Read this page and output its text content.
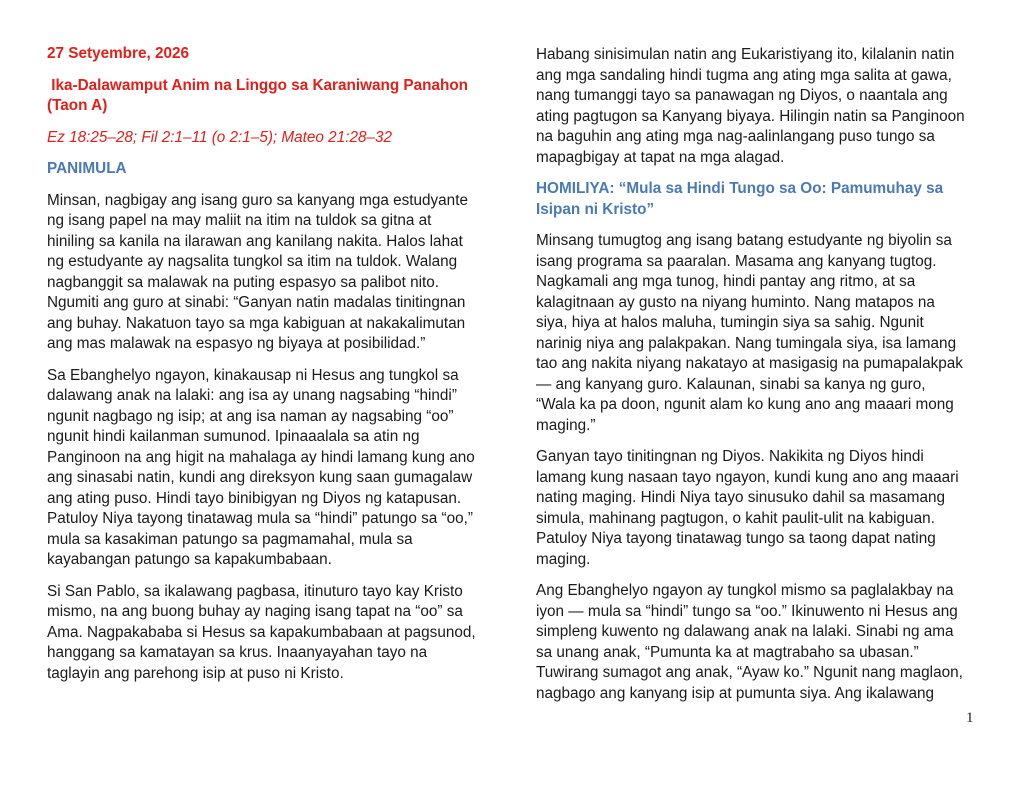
27 Setyembre, 2026

Ika-Dalawamput Anim na Linggo sa Karaniwang Panahon (Taon A)

Ez 18:25–28; Fil 2:1–11 (o 2:1–5); Mateo 21:28–32

PANIMULA

Minsan, nagbigay ang isang guro sa kanyang mga estudyante ng isang papel na may maliit na itim na tuldok sa gitna at hiniling sa kanila na ilarawan ang kanilang nakita. Halos lahat ng estudyante ay nagsalita tungkol sa itim na tuldok. Walang nagbanggit sa malawak na puting espasyo sa palibot nito. Ngumiti ang guro at sinabi: “Ganyan natin madalas tinitingnan ang buhay. Nakatuon tayo sa mga kabiguan at nakakalimutan ang mas malawak na espasyo ng biyaya at posibilidad.”

Sa Ebanghelyo ngayon, kinakausap ni Hesus ang tungkol sa dalawang anak na lalaki: ang isa ay unang nagsabing “hindi” ngunit nagbago ng isip; at ang isa naman ay nagsabing “oo” ngunit hindi kailanman sumunod. Ipinaaalala sa atin ng Panginoon na ang higit na mahalaga ay hindi lamang kung ano ang sinasabi natin, kundi ang direksyon kung saan gumagalaw ang ating puso. Hindi tayo binibigyan ng Diyos ng katapusan. Patuloy Niya tayong tinatawag mula sa “hindi” patungo sa “oo,” mula sa kasakiman patungo sa pagmamahal, mula sa kayabangan patungo sa kapakumbabaan.

Si San Pablo, sa ikalawang pagbasa, itinuturo tayo kay Kristo mismo, na ang buong buhay ay naging isang tapat na “oo” sa Ama. Nagpakababa si Hesus sa kapakumbabaan at pagsunod, hanggang sa kamatayan sa krus. Inaanyayahan tayo na taglayin ang parehong isip at puso ni Kristo.

Habang sinisimulan natin ang Eukaristiyang ito, kilalanin natin ang mga sandaling hindi tugma ang ating mga salita at gawa, nang tumanggi tayo sa panawagan ng Diyos, o naantala ang ating pagtugon sa Kanyang biyaya. Hilingin natin sa Panginoon na baguhin ang ating mga nag-aalinlangang puso tungo sa mapagbigay at tapat na mga alagad.

HOMILIYA: “Mula sa Hindi Tungo sa Oo: Pamumuhay sa Isipan ni Kristo”

Minsang tumugtog ang isang batang estudyante ng biyolin sa isang programa sa paaralan. Masama ang kanyang tugtog. Nagkamali ang mga tunog, hindi pantay ang ritmo, at sa kalagitnaan ay gusto na niyang huminto. Nang matapos na siya, hiya at halos maluha, tumingin siya sa sahig. Ngunit narinig niya ang palakpakan. Nang tumingala siya, isa lamang tao ang nakita niyang nakatayo at masigasig na pumapalakpak — ang kanyang guro. Kalaunan, sinabi sa kanya ng guro, “Wala ka pa doon, ngunit alam ko kung ano ang maaari mong maging.”

Ganyan tayo tinitingnan ng Diyos. Nakikita ng Diyos hindi lamang kung nasaan tayo ngayon, kundi kung ano ang maaari nating maging. Hindi Niya tayo sinusuko dahil sa masamang simula, mahinang pagtugon, o kahit paulit-ulit na kabiguan. Patuloy Niya tayong tinatawag tungo sa taong dapat nating maging.

Ang Ebanghelyo ngayon ay tungkol mismo sa paglalakbay na iyon — mula sa “hindi” tungo sa “oo.” Ikinuwento ni Hesus ang simpleng kuwento ng dalawang anak na lalaki. Sinabi ng ama sa unang anak, “Pumunta ka at magtrabaho sa ubasan.” Tuwirang sumagot ang anak, “Ayaw ko.” Ngunit nang maglaon, nagbago ang kanyang isip at pumunta siya. Ang ikalawang

1
